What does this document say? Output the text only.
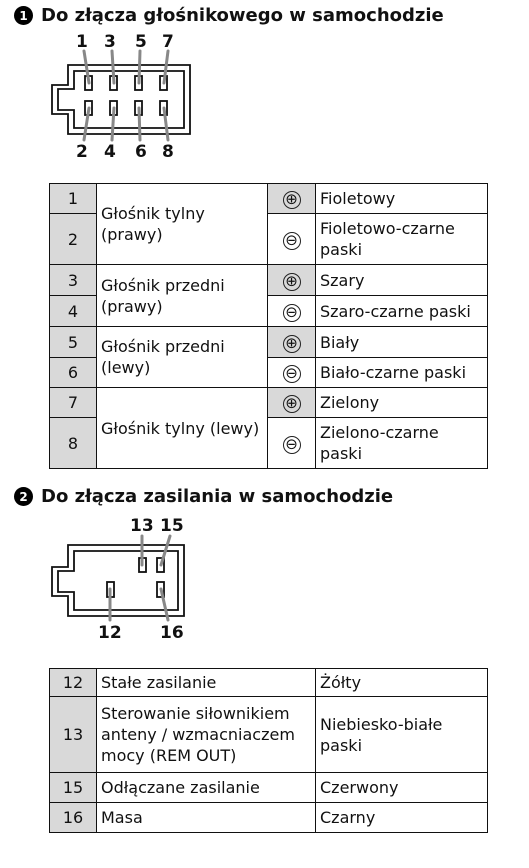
1 Do złącza głośnikowego w samochodzie
1 3 5 7
2 4 6 8
1	Głośnik tylny (prawy)	⊕	Fioletowy
2		⊖	Fioletowo-czarne paski
3	Głośnik przedni (prawy)	⊕	Szary
4		⊖	Szaro-czarne paski
5	Głośnik przedni (lewy)	⊕	Biały
6		⊖	Biało-czarne paski
7	Głośnik tylny (lewy)	⊕	Zielony
8		⊖	Zielono-czarne paski
2 Do złącza zasilania w samochodzie
13 15
12 16
12	Stałe zasilanie	Żółty
13	Sterowanie siłownikiem anteny / wzmacniaczem mocy (REM OUT)	Niebiesko-białe paski
15	Odłączane zasilanie	Czerwony
16	Masa	Czarny
